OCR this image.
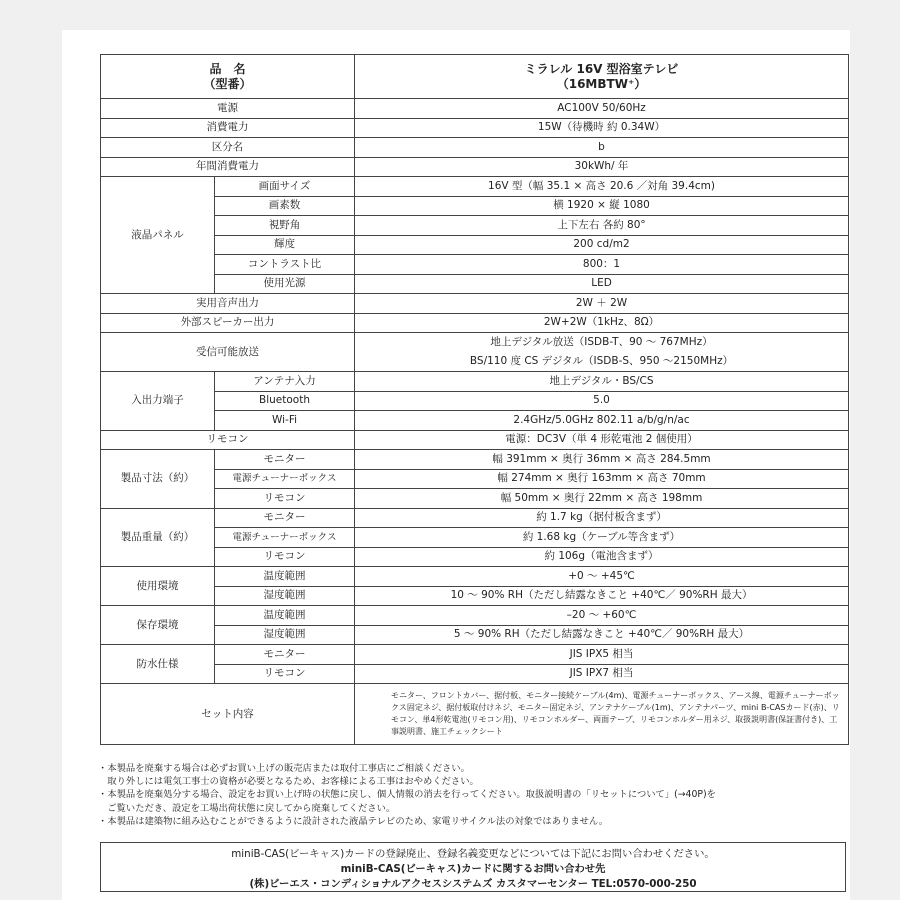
品　名
（型番）		ミラレル 16V 型浴室テレビ
（16MBTW⁺）
電源		AC100V 50/60Hz
消費電力		15W（待機時 約 0.34W）
区分名		b
年間消費電力		30kWh/ 年
液晶パネル	画面サイズ	16V 型（幅 35.1 × 高さ 20.6 ／対角 39.4cm)
	画素数	横 1920 × 縦 1080
	視野角	上下左右 各約 80°
	輝度	200 cd/m2
	コントラスト比	800：1
	使用光源	LED
実用音声出力		2W ＋ 2W
外部スピーカー出力		2W+2W（1kHz、8Ω）
受信可能放送		地上デジタル放送（ISDB-T、90 〜 767MHz）
BS/110 度 CS デジタル（ISDB-S、950 〜2150MHz）
入出力端子	アンテナ入力	地上デジタル・BS/CS
	Bluetooth	5.0
	Wi-Fi	2.4GHz/5.0GHz 802.11 a/b/g/n/ac
リモコン		電源：DC3V（単 4 形乾電池 2 個使用）
製品寸法（約）	モニター	幅 391mm × 奥行 36mm × 高さ 284.5mm
	電源チューナーボックス	幅 274mm × 奥行 163mm × 高さ 70mm
	リモコン	幅 50mm × 奥行 22mm × 高さ 198mm
製品重量（約）	モニター	約 1.7 kg（据付板含まず）
	電源チューナーボックス	約 1.68 kg（ケーブル等含まず）
	リモコン	約 106g（電池含まず）
使用環境	温度範囲	+0 〜 +45℃
	湿度範囲	10 〜 90% RH（ただし結露なきこと +40℃／ 90%RH 最大）
保存環境	温度範囲	–20 〜 +60℃
	湿度範囲	5 〜 90% RH（ただし結露なきこと +40℃／ 90%RH 最大）
防水仕様	モニター	JIS IPX5 相当
	リモコン	JIS IPX7 相当
セット内容		モニター、フロントカバー、据付板、モニター接続ケーブル(4m)、電源チューナーボックス、アース線、電源チューナーボックス固定ネジ、据付板取付けネジ、モニター固定ネジ、アンテナケーブル(1m)、アンテナパーツ、mini B-CASカード(赤)、リモコン、単4形乾電池(リモコン用)、リモコンホルダー、両面テープ、リモコンホルダー用ネジ、取扱説明書(保証書付き)、工事説明書、施工チェックシート
・本製品を廃棄する場合は必ずお買い上げの販売店または取付工事店にご相談ください。
　取り外しには電気工事士の資格が必要となるため、お客様による工事はおやめください。
・本製品を廃棄処分する場合、設定をお買い上げ時の状態に戻し、個人情報の消去を行ってください。取扱説明書の「リセットについて」(→40P)を
　ご覧いただき、設定を工場出荷状態に戻してから廃棄してください。
・本製品は建築物に組み込むことができるように設計された液晶テレビのため、家電リサイクル法の対象ではありません。
miniB-CAS(ビーキャス)カードの登録廃止、登録名義変更などについては下記にお問い合わせください。
miniB-CAS(ビーキャス)カードに関するお問い合わせ先
(株)ビーエス・コンディショナルアクセスシステムズ カスタマーセンター TEL:0570-000-250
